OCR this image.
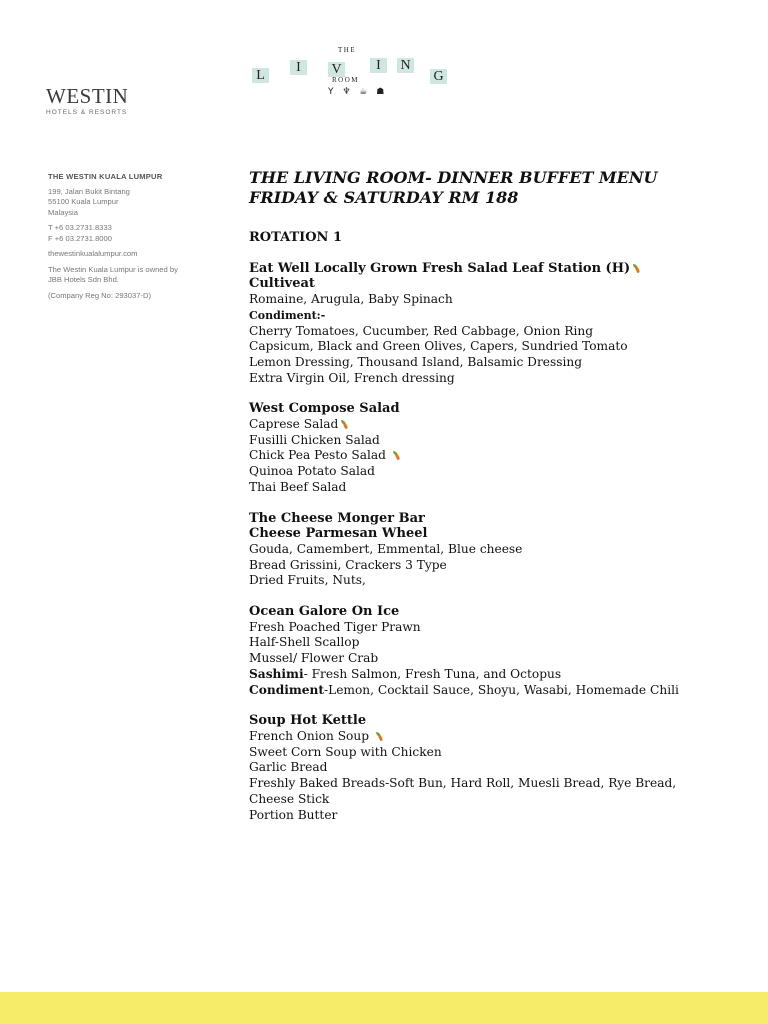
WESTIN
HOTELS & RESORTS
THE
L
I	V	I	N
G
ROOM
Y ♆ ☕ ☗
THE WESTIN KUALA LUMPUR
199, Jalan Bukit Bintang
55100 Kuala Lumpur
Malaysia
T +6 03.2731.8333
F +6 03.2731.8000
thewestinkualalumpur.com
The Westin Kuala Lumpur is owned by
JBB Hotels Sdn Bhd.
(Company Reg No: 293037-D)
THE LIVING ROOM- DINNER BUFFET MENU
FRIDAY & SATURDAY RM 188
ROTATION 1
Eat Well Locally Grown Fresh Salad Leaf Station (H)
Cultiveat
Romaine, Arugula, Baby Spinach
Condiment:-
Cherry Tomatoes, Cucumber, Red Cabbage, Onion Ring
Capsicum, Black and Green Olives, Capers, Sundried Tomato
Lemon Dressing, Thousand Island, Balsamic Dressing
Extra Virgin Oil, French dressing
West Compose Salad
Caprese Salad
Fusilli Chicken Salad
Chick Pea Pesto Salad
Quinoa Potato Salad
Thai Beef Salad
The Cheese Monger Bar
Cheese Parmesan Wheel
Gouda, Camembert, Emmental, Blue cheese
Bread Grissini, Crackers 3 Type
Dried Fruits, Nuts,
Ocean Galore On Ice
Fresh Poached Tiger Prawn
Half-Shell Scallop
Mussel/ Flower Crab
Sashimi- Fresh Salmon, Fresh Tuna, and Octopus
Condiment-Lemon, Cocktail Sauce, Shoyu, Wasabi, Homemade Chili
Soup Hot Kettle
French Onion Soup
Sweet Corn Soup with Chicken
Garlic Bread
Freshly Baked Breads-Soft Bun, Hard Roll, Muesli Bread, Rye Bread, Cheese Stick
Portion Butter
